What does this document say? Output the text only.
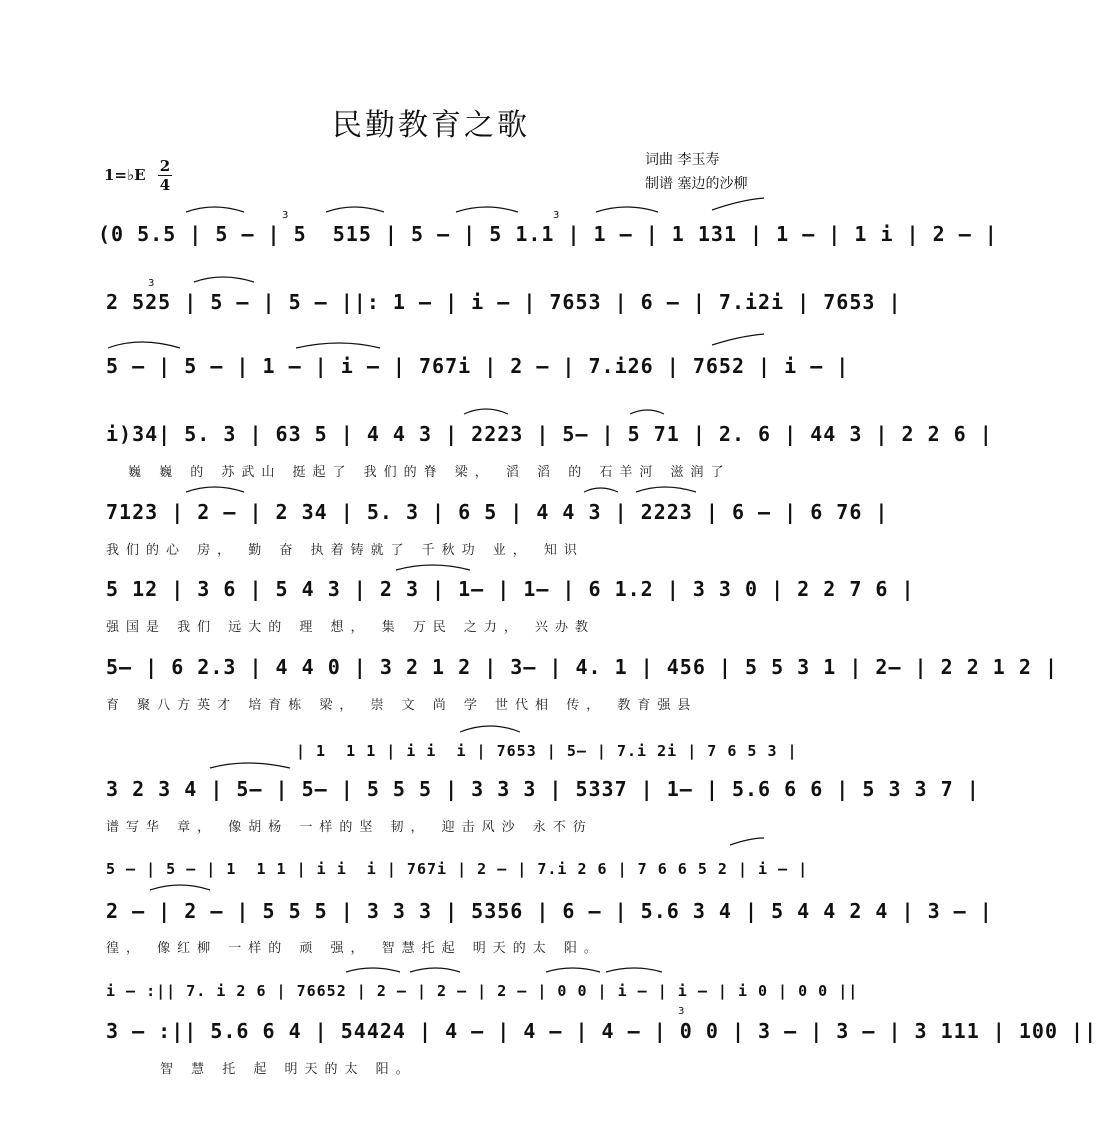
民勤教育之歌
词曲 李玉寿
制谱 塞边的沙柳
1=♭E 2
4
(0 5.5 | 5 – | 5  515 | 5 – | 5 1.1 | 1 – | 1 131 | 1 – | 1 i | 2 – |
2 525 | 5 – | 5 – ||: 1 – | i – | 7653 | 6 – | 7.i2i | 7653 |
5 – | 5 – | 1 – | i – | 767i | 2 – | 7.i26 | 7652 | i – |
i)34| 5. 3 | 63 5 | 4 4 3 | 2223 | 5– | 5 71 | 2. 6 | 44 3 | 2 2 6 |
巍 巍 的 苏武山 挺起了 我们的脊 梁， 滔 滔 的 石羊河 滋润了
7123 | 2 – | 2 34 | 5. 3 | 6 5 | 4 4 3 | 2223 | 6 – | 6 76 |
我们的心 房， 勤 奋 执着铸就了 千秋功 业， 知识
5 12 | 3 6 | 5 4 3 | 2 3 | 1– | 1– | 6 1.2 | 3 3 0 | 2 2 7 6 |
强国是 我们 远大的 理 想， 集 万民 之力， 兴办教
5– | 6 2.3 | 4 4 0 | 3 2 1 2 | 3– | 4. 1 | 456 | 5 5 3 1 | 2– | 2 2 1 2 |
育 聚八方英才 培育栋 梁， 崇 文 尚 学 世代相 传， 教育强县
| 1  1 1 | i i  i | 7653 | 5– | 7.i 2i | 7 6 5 3 |
3 2 3 4 | 5– | 5– | 5 5 5 | 3 3 3 | 5337 | 1– | 5.6 6 6 | 5 3 3 7 |
谱写华 章， 像胡杨 一样的坚 韧， 迎击风沙 永不彷
5 – | 5 – | 1  1 1 | i i  i | 767i | 2 – | 7.i 2 6 | 7 6 6 5 2 | i – |
2 – | 2 – | 5 5 5 | 3 3 3 | 5356 | 6 – | 5.6 3 4 | 5 4 4 2 4 | 3 – |
徨， 像红柳 一样的 顽 强， 智慧托起 明天的太 阳。
i – :|| 7. i 2 6 | 76652 | 2 – | 2 – | 2 – | 0 0 | i – | i – | i 0 | 0 0 ||
3 – :|| 5.6 6 4 | 54424 | 4 – | 4 – | 4 – | 0 0 | 3 – | 3 – | 3 111 | 100 ||
智 慧 托 起 明天的太 阳。
3	3
3
3
